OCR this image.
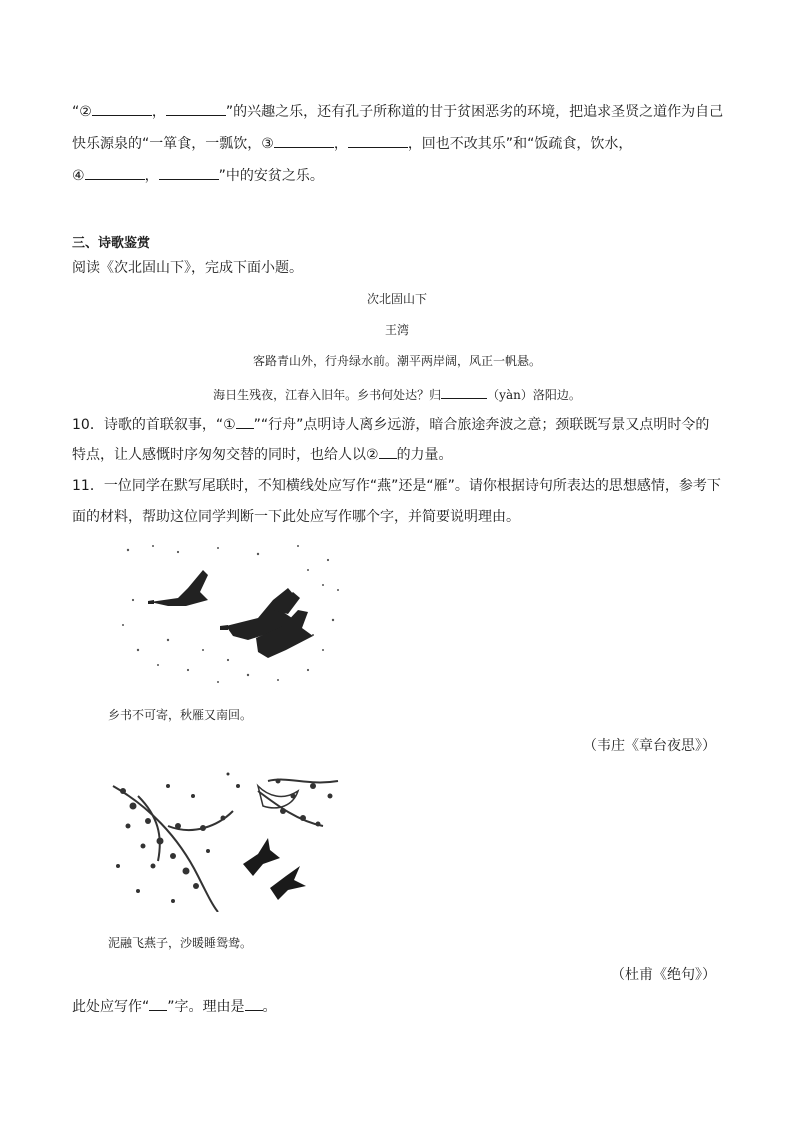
“②	，	”的兴趣之乐，还有孔子所称道的甘于贫困恶劣的环境，把追求圣贤之道作为自己
快乐源泉的“一箪食，一瓢饮，③	，	，回也不改其乐”和“饭疏食，饮水，
④	，	”中的安贫之乐。
三、诗歌鉴赏
阅读《次北固山下》，完成下面小题。
次北固山下
王湾
客路青山外，行舟绿水前。潮平两岸阔，风正一帆悬。
海日生残夜，江春入旧年。乡书何处达？归	（yàn）洛阳边。
10．诗歌的首联叙事，“① ”“行舟”点明诗人离乡远游，暗合旅途奔波之意；颈联既写景又点明时令的
特点，让人感慨时序匆匆交替的同时，也给人以② 的力量。
11．一位同学在默写尾联时，不知横线处应写作“燕”还是“雁”。请你根据诗句所表达的思想感情，参考下
面的材料，帮助这位同学判断一下此处应写作哪个字，并简要说明理由。
乡书不可寄，秋雁又南回。
（韦庄《章台夜思》）
泥融飞燕子，沙暖睡鸳鸯。
（杜甫《绝句》）
此处应写作“ ”字。理由是 。
